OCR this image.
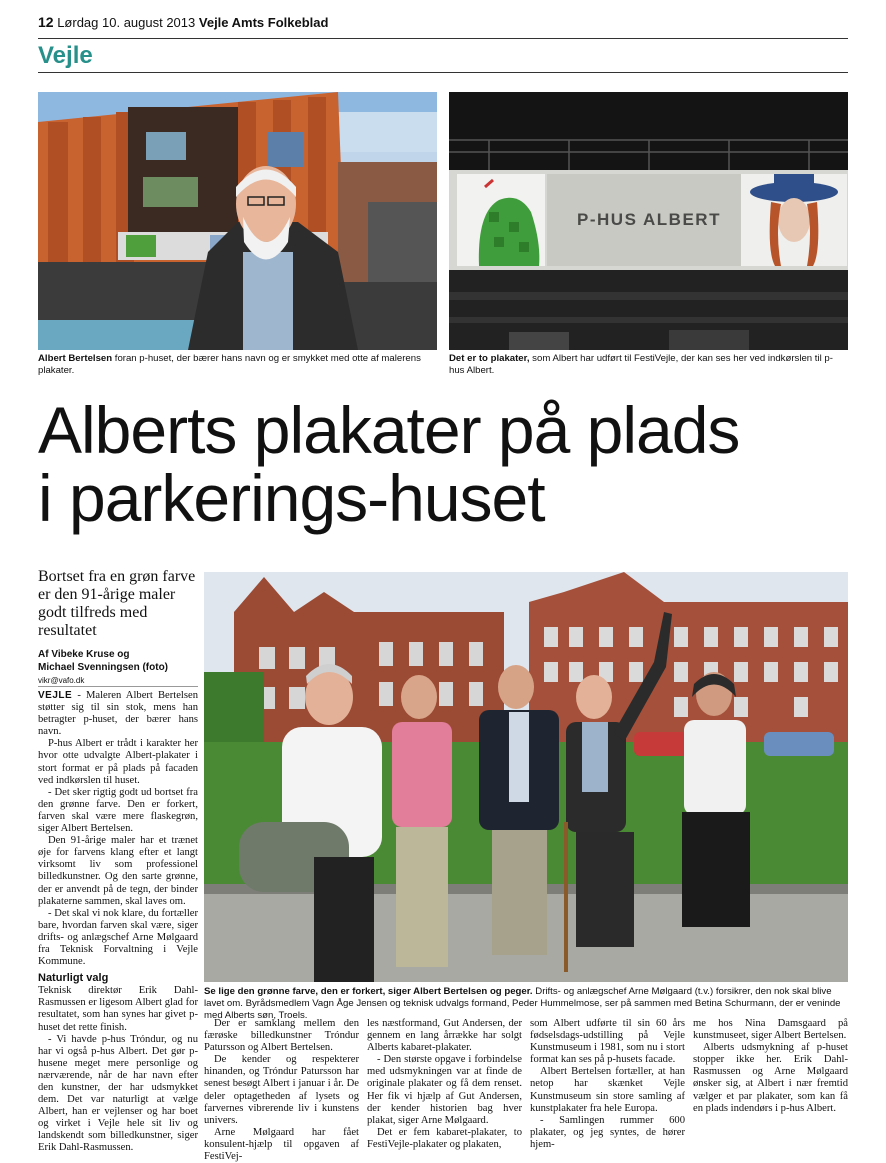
12 Lørdag 10. august 2013 Vejle Amts Folkeblad
Vejle
Albert Bertelsen foran p-huset, der bærer hans navn og er smykket med otte af malerens plakater.
P-HUS ALBERT
Det er to plakater, som Albert har udført til FestiVejle, der kan ses her ved indkørslen til p-hus Albert.
Alberts plakater på plads
i parkerings-huset
Bortset fra en grøn farve er den 91-årige maler godt tilfreds med resultatet
Af Vibeke Kruse og
Michael Svenningsen (foto)
vikr@vafo.dk
Se lige den grønne farve, den er forkert, siger Albert Bertelsen og peger. Drifts- og anlægschef Arne Mølgaard (t.v.) forsikrer, den nok skal blive lavet om. Byrådsmedlem Vagn Åge Jensen og teknisk udvalgs formand, Peder Hummelmose, ser på sammen med Betina Schurmann, der er veninde med Alberts søn, Troels.

VEJLE - Maleren Albert Bertelsen støtter sig til sin stok, mens han betragter p-huset, der bærer hans navn.

P-hus Albert er trådt i karakter her hvor otte udvalgte Albert-plakater i stort format er på plads på facaden ved indkørslen til huset.

- Det sker rigtig godt ud bortset fra den grønne farve. Den er forkert, farven skal være mere flaskegrøn, siger Albert Bertelsen.

Den 91-årige maler har et trænet øje for farvens klang efter et langt virksomt liv som professionel billedkunstner. Og den sarte grønne, der er anvendt på de tegn, der binder plakaterne sammen, skal laves om.

- Det skal vi nok klare, du fortæller bare, hvordan farven skal være, siger drifts- og anlægschef Arne Mølgaard fra Teknisk Forvaltning i Vejle Kommune.

Naturligt valg

Teknisk direktør Erik Dahl-Rasmussen er ligesom Albert glad for resultatet, som han synes har givet p-huset det rette finish.

- Vi havde p-hus Tróndur, og nu har vi også p-hus Albert. Det gør p-husene meget mere personlige og nærværende, når de har navn efter den kunstner, der har udsmykket dem. Det var naturligt at vælge Albert, han er vejlenser og har boet og virket i Vejle hele sit liv og landskendt som billedkunstner, siger Erik Dahl-Rasmussen.

Der er samklang mellem den færøske billedkunstner Tróndur Patursson og Albert Bertelsen.

De kender og respekterer hinanden, og Tróndur Patursson har senest besøgt Albert i januar i år. De deler optagetheden af lysets og farvernes vibrerende liv i kunstens univers.

Arne Mølgaard har fået konsulent-hjælp til opgaven af FestiVej-

les næstformand, Gut Andersen, der gennem en lang årrække har solgt Alberts kabaret-plakater.

- Den største opgave i forbindelse med udsmykningen var at finde de originale plakater og få dem renset. Her fik vi hjælp af Gut Andersen, der kender historien bag hver plakat, siger Arne Mølgaard.

Det er fem kabaret-plakater, to FestiVejle-plakater og plakaten,

som Albert udførte til sin 60 års fødselsdags-udstilling på Vejle Kunstmuseum i 1981, som nu i stort format kan ses på p-husets facade.

Albert Bertelsen fortæller, at han netop har skænket Vejle Kunstmuseum sin store samling af kunstplakater fra hele Europa.

- Samlingen rummer 600 plakater, og jeg syntes, de hører hjem-

me hos Nina Damsgaard på kunstmuseet, siger Albert Bertelsen.

Alberts udsmykning af p-huset stopper ikke her. Erik Dahl-Rasmussen og Arne Mølgaard ønsker sig, at Albert i nær fremtid vælger et par plakater, som kan få en plads indendørs i p-hus Albert.
